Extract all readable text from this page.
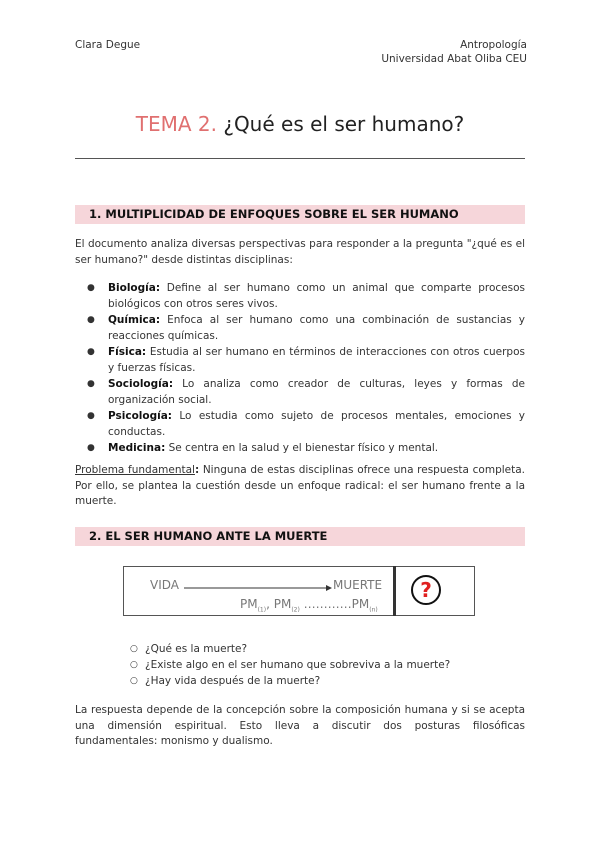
Clara Degue	Antropología
Universidad Abat Oliba CEU
TEMA 2. ¿Qué es el ser humano?
1. MULTIPLICIDAD DE ENFOQUES SOBRE EL SER HUMANO
El documento analiza diversas perspectivas para responder a la pregunta "¿qué es el ser humano?" desde distintas disciplinas:
● Biología: Define al ser humano como un animal que comparte procesos biológicos con otros seres vivos.
● Química: Enfoca al ser humano como una combinación de sustancias y reacciones químicas.
● Física: Estudia al ser humano en términos de interacciones con otros cuerpos y fuerzas físicas.
● Sociología: Lo analiza como creador de culturas, leyes y formas de organización social.
● Psicología: Lo estudia como sujeto de procesos mentales, emociones y conductas.
● Medicina: Se centra en la salud y el bienestar físico y mental.
Problema fundamental: Ninguna de estas disciplinas ofrece una respuesta completa. Por ello, se plantea la cuestión desde un enfoque radical: el ser humano frente a la muerte.
2. EL SER HUMANO ANTE LA MUERTE
VIDA	MUERTE
$PM_{(1)}$, $PM_{(2)}$ $\dots\dots\dots\dots PM_{(n)}$
?
○ ¿Qué es la muerte?
○ ¿Existe algo en el ser humano que sobreviva a la muerte?
○ ¿Hay vida después de la muerte?
La respuesta depende de la concepción sobre la composición humana y si se acepta una dimensión espiritual. Esto lleva a discutir dos posturas filosóficas fundamentales: monismo y dualismo.
